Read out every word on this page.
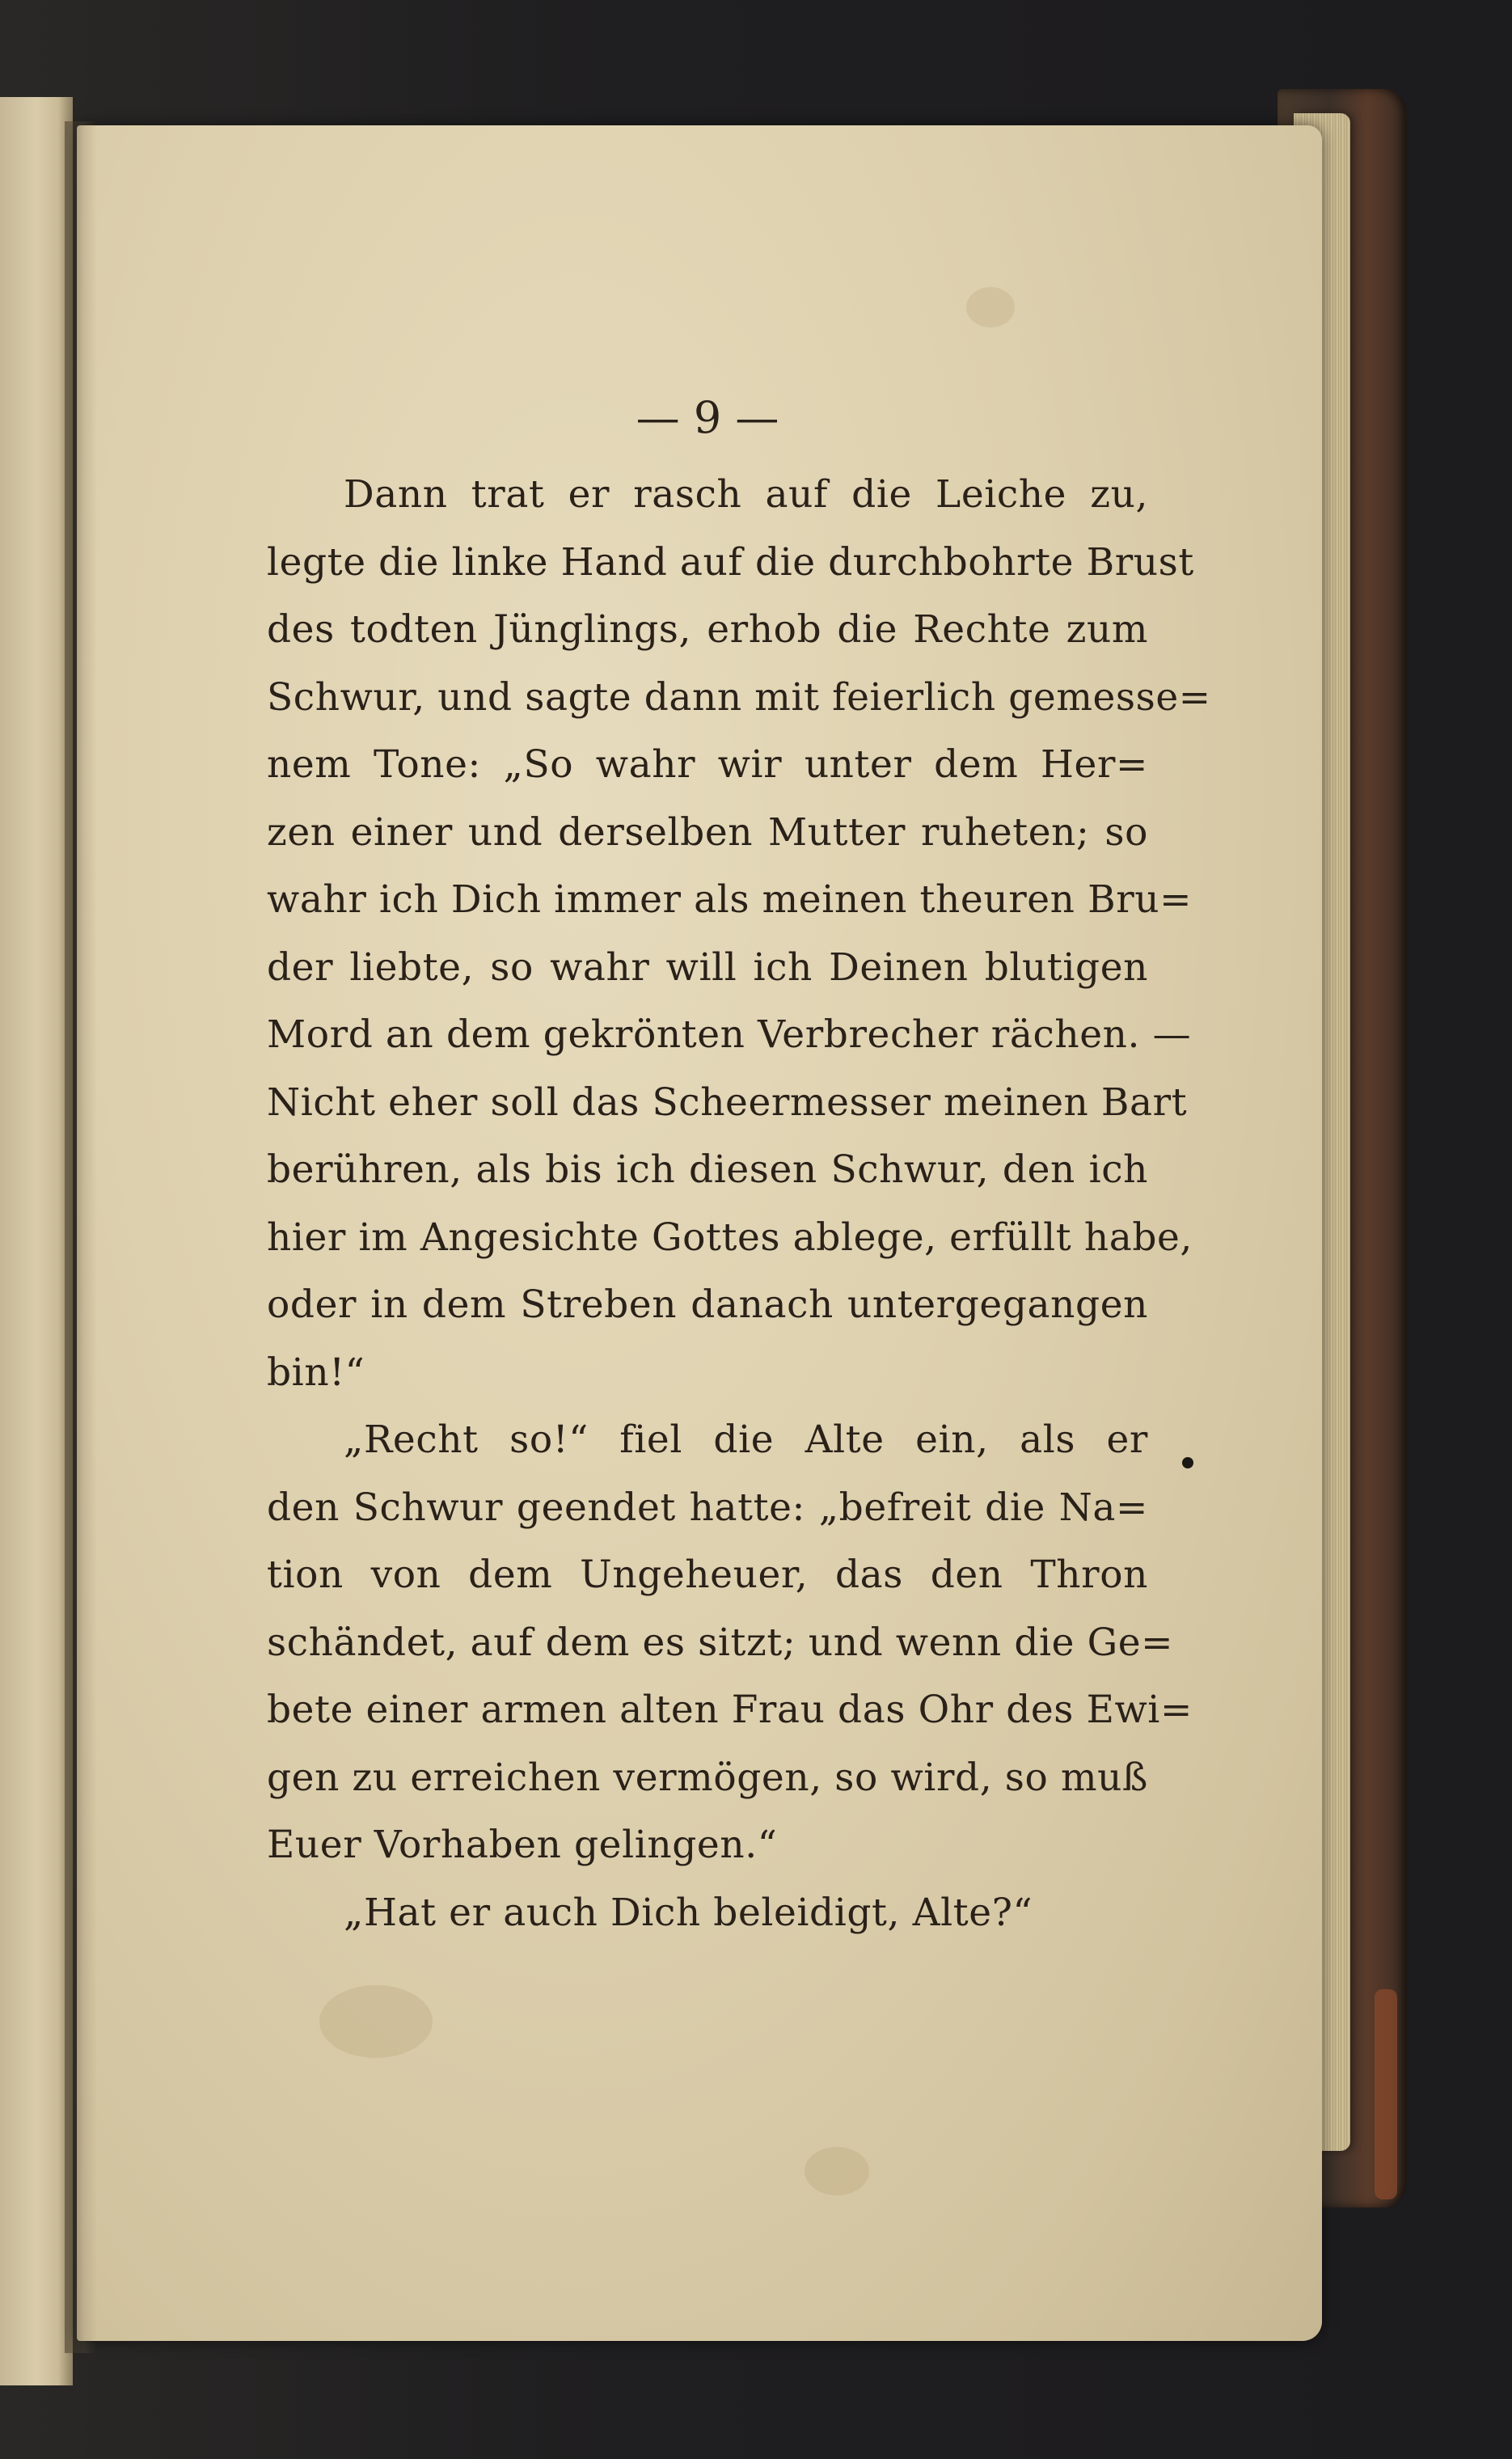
— 9 —
Dann trat er rasch auf die Leiche zu,
legte die linke Hand auf die durchbohrte Brust
des todten Jünglings, erhob die Rechte zum
Schwur, und sagte dann mit feierlich gemesse=
nem Tone: „So wahr wir unter dem Her=
zen einer und derselben Mutter ruheten; so
wahr ich Dich immer als meinen theuren Bru=
der liebte, so wahr will ich Deinen blutigen
Mord an dem gekrönten Verbrecher rächen. —
Nicht eher soll das Scheermesser meinen Bart
berühren, als bis ich diesen Schwur, den ich
hier im Angesichte Gottes ablege, erfüllt habe,
oder in dem Streben danach untergegangen
bin!“
„Recht so!“ fiel die Alte ein, als er
den Schwur geendet hatte: „befreit die Na=
tion von dem Ungeheuer, das den Thron
schändet, auf dem es sitzt; und wenn die Ge=
bete einer armen alten Frau das Ohr des Ewi=
gen zu erreichen vermögen, so wird, so muß
Euer Vorhaben gelingen.“
„Hat er auch Dich beleidigt, Alte?“
